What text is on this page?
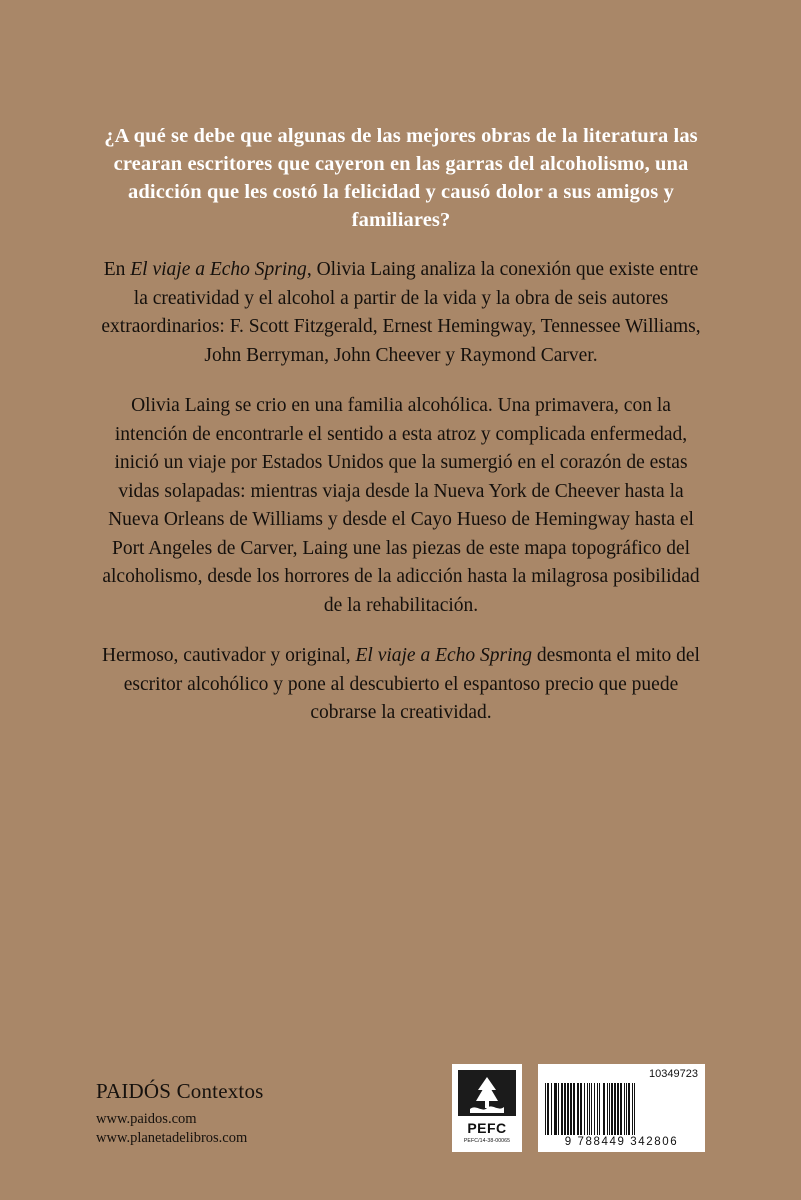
¿A qué se debe que algunas de las mejores obras de la literatura las crearan escritores que cayeron en las garras del alcoholismo, una adicción que les costó la felicidad y causó dolor a sus amigos y familiares?

En El viaje a Echo Spring, Olivia Laing analiza la conexión que existe entre la creatividad y el alcohol a partir de la vida y la obra de seis autores extraordinarios: F. Scott Fitzgerald, Ernest Hemingway, Tennessee Williams, John Berryman, John Cheever y Raymond Carver.

Olivia Laing se crio en una familia alcohólica. Una primavera, con la intención de encontrarle el sentido a esta atroz y complicada enfermedad, inició un viaje por Estados Unidos que la sumergió en el corazón de estas vidas solapadas: mientras viaja desde la Nueva York de Cheever hasta la Nueva Orleans de Williams y desde el Cayo Hueso de Hemingway hasta el Port Angeles de Carver, Laing une las piezas de este mapa topográfico del alcoholismo, desde los horrores de la adicción hasta la milagrosa posibilidad de la rehabilitación.

Hermoso, cautivador y original, El viaje a Echo Spring desmonta el mito del escritor alcohólico y pone al descubierto el espantoso precio que puede cobrarse la creatividad.

PAIDÓS Contextos
www.paidos.com
www.planetadelibros.com
PEFC
PEFC/14-38-00065
10349723
9 788449 342806
